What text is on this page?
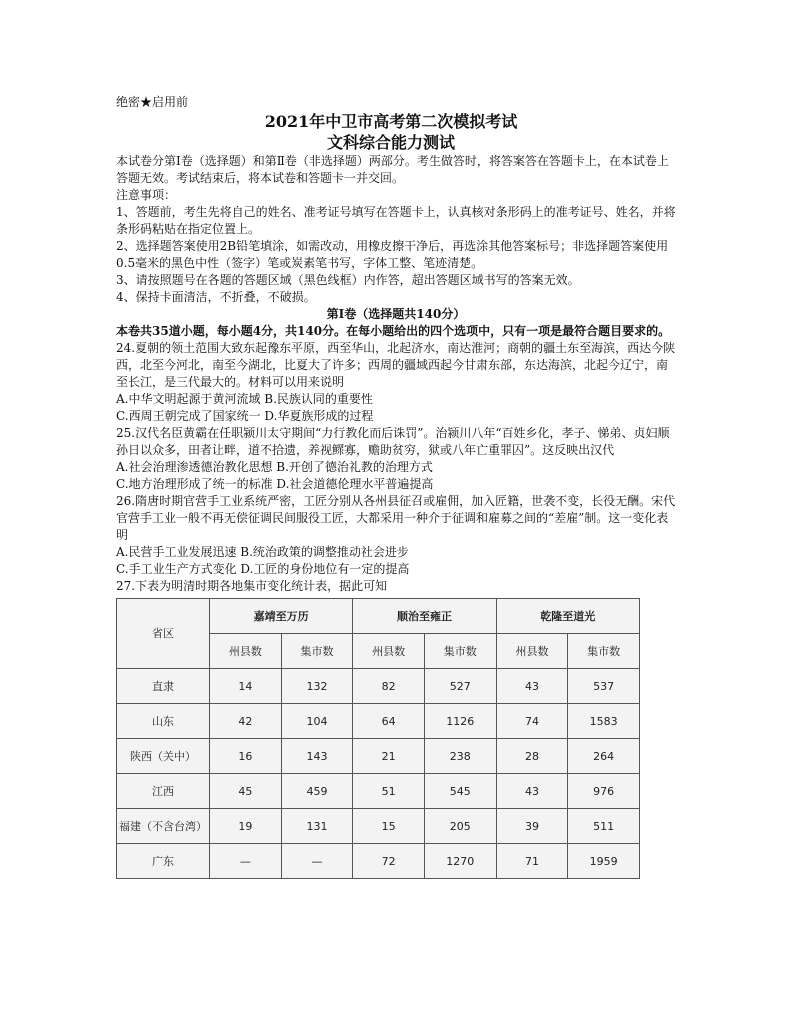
绝密★启用前
2021年中卫市高考第二次模拟考试
文科综合能力测试

本试卷分第Ⅰ卷（选择题）和第Ⅱ卷（非选择题）两部分。考生做答时，将答案答在答题卡上，在本试卷上答题无效。考试结束后，将本试卷和答题卡一并交回。

注意事项：

1、答题前，考生先将自己的姓名、准考证号填写在答题卡上，认真核对条形码上的准考证号、姓名，并将条形码粘贴在指定位置上。

2、选择题答案使用2B铅笔填涂，如需改动，用橡皮擦干净后，再选涂其他答案标号；非选择题答案使用0.5毫米的黑色中性（签字）笔或炭素笔书写，字体工整、笔迹清楚。

3、请按照题号在各题的答题区域（黑色线框）内作答，超出答题区域书写的答案无效。

4、保持卡面清洁，不折叠，不破损。

第Ⅰ卷（选择题共140分）

本卷共35道小题，每小题4分，共140分。在每小题给出的四个选项中，只有一项是最符合题目要求的。

24.夏朝的领土范围大致东起豫东平原，西至华山，北起济水，南达淮河；商朝的疆土东至海滨，西达今陕西，北至今河北，南至今湖北，比夏大了许多；西周的疆域西起今甘肃东部，东达海滨，北起今辽宁，南至长江，是三代最大的。材料可以用来说明

A.中华文明起源于黄河流域 B.民族认同的重要性

C.西周王朝完成了国家统一 D.华夏族形成的过程

25.汉代名臣黄霸在任职颍川太守期间“力行教化而后诛罚”。治颍川八年“百姓乡化，孝子、悌弟、贞妇顺孙日以众多，田者让畔，道不拾遗，养视鳏寡，赡助贫穷，狱或八年亡重罪囚”。这反映出汉代

A.社会治理渗透德治教化思想 B.开创了德治礼教的治理方式

C.地方治理形成了统一的标准 D.社会道德伦理水平普遍提高

26.隋唐时期官营手工业系统严密，工匠分别从各州县征召或雇佣，加入匠籍，世袭不变，长役无酬。宋代官营手工业一般不再无偿征调民间服役工匠，大都采用一种介于征调和雇募之间的“差雇”制。这一变化表明

A.民营手工业发展迅速 B.统治政策的调整推动社会进步

C.手工业生产方式变化 D.工匠的身份地位有一定的提高

27.下表为明清时期各地集市变化统计表，据此可知

省区	嘉靖至万历		顺治至雍正		乾隆至道光	
	州县数	集市数	州县数	集市数	州县数	集市数
直隶	14	132	82	527	43	537
山东	42	104	64	1126	74	1583
陕西（关中）	16	143	21	238	28	264
江西	45	459	51	545	43	976
福建（不含台湾）	19	131	15	205	39	511
广东	—	—	72	1270	71	1959
